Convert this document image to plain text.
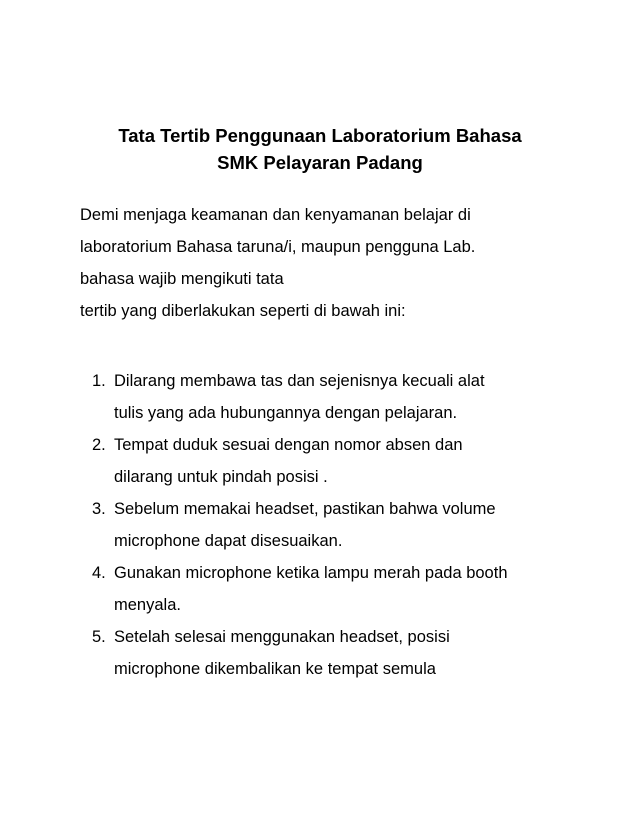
Tata Tertib Penggunaan Laboratorium Bahasa
SMK Pelayaran Padang

Demi menjaga keamanan dan kenyamanan belajar di
laboratorium Bahasa taruna/i, maupun pengguna Lab.
bahasa wajib mengikuti tata
tertib yang diberlakukan seperti di bawah ini:

1. Dilarang membawa tas dan sejenisnya kecuali alat
tulis yang ada hubungannya dengan pelajaran.
2. Tempat duduk sesuai dengan nomor absen dan
dilarang untuk pindah posisi .
3. Sebelum memakai headset, pastikan bahwa volume
microphone dapat disesuaikan.
4. Gunakan microphone ketika lampu merah pada booth
menyala.
5. Setelah selesai menggunakan headset, posisi
microphone dikembalikan ke tempat semula
